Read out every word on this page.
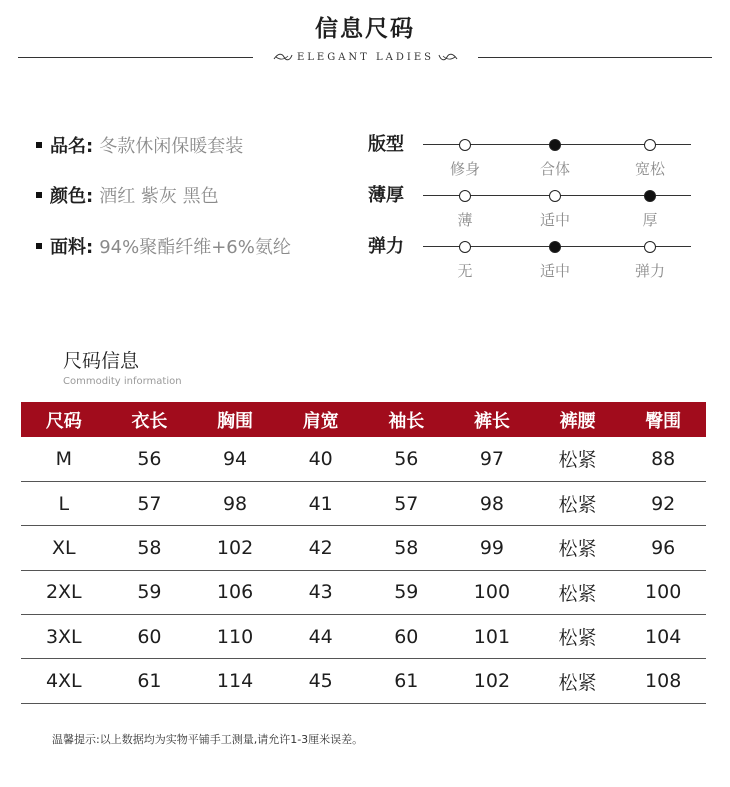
信息尺码
ELEGANT LADIES
品名: 冬款休闲保暖套装
颜色: 酒红 紫灰 黑色
面料: 94%聚酯纤维+6%氨纶
版型
修身	合体	宽松
薄厚
薄	适中	厚
弹力
无	适中	弹力
尺码信息
Commodity information
尺码	衣长	胸围	肩宽	袖长	裤长	裤腰	臀围
M	56	94	40	56	97	松紧	88
L	57	98	41	57	98	松紧	92
XL	58	102	42	58	99	松紧	96
2XL	59	106	43	59	100	松紧	100
3XL	60	110	44	60	101	松紧	104
4XL	61	114	45	61	102	松紧	108
温馨提示:以上数据均为实物平铺手工测量,请允许1-3厘米误差。
